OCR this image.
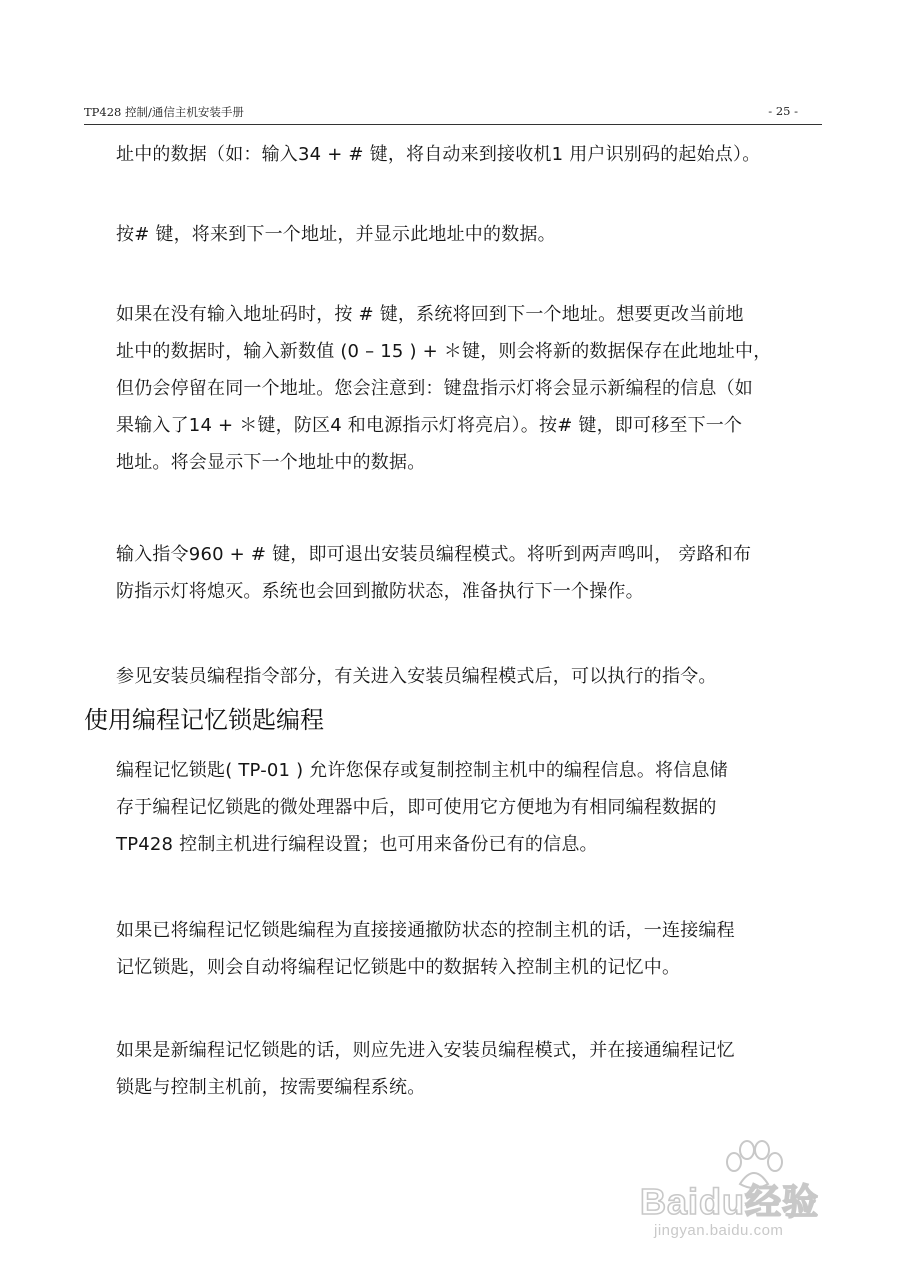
TP428 控制/通信主机安装手册	- 25 -
址中的数据（如：输入34 + # 键，将自动来到接收机1 用户识别码的起始点）。
按# 键，将来到下一个地址，并显示此地址中的数据。
如果在没有输入地址码时，按 # 键，系统将回到下一个地址。想要更改当前地
址中的数据时，输入新数值 (0 – 15 ) + ＊键，则会将新的数据保存在此地址中，
但仍会停留在同一个地址。您会注意到：键盘指示灯将会显示新编程的信息（如
果输入了14 + ＊键，防区4 和电源指示灯将亮启）。按# 键，即可移至下一个
地址。将会显示下一个地址中的数据。
输入指令960 + # 键，即可退出安装员编程模式。将听到两声鸣叫， 旁路和布
防指示灯将熄灭。系统也会回到撤防状态，准备执行下一个操作。
参见安装员编程指令部分，有关进入安装员编程模式后，可以执行的指令。
使用编程记忆锁匙编程
编程记忆锁匙( TP-01 ) 允许您保存或复制控制主机中的编程信息。将信息储
存于编程记忆锁匙的微处理器中后，即可使用它方便地为有相同编程数据的
TP428 控制主机进行编程设置；也可用来备份已有的信息。
如果已将编程记忆锁匙编程为直接接通撤防状态的控制主机的话，一连接编程
记忆锁匙，则会自动将编程记忆锁匙中的数据转入控制主机的记忆中。
如果是新编程记忆锁匙的话，则应先进入安装员编程模式，并在接通编程记忆
锁匙与控制主机前，按需要编程系统。
Baidu经验
jingyan.baidu.com
